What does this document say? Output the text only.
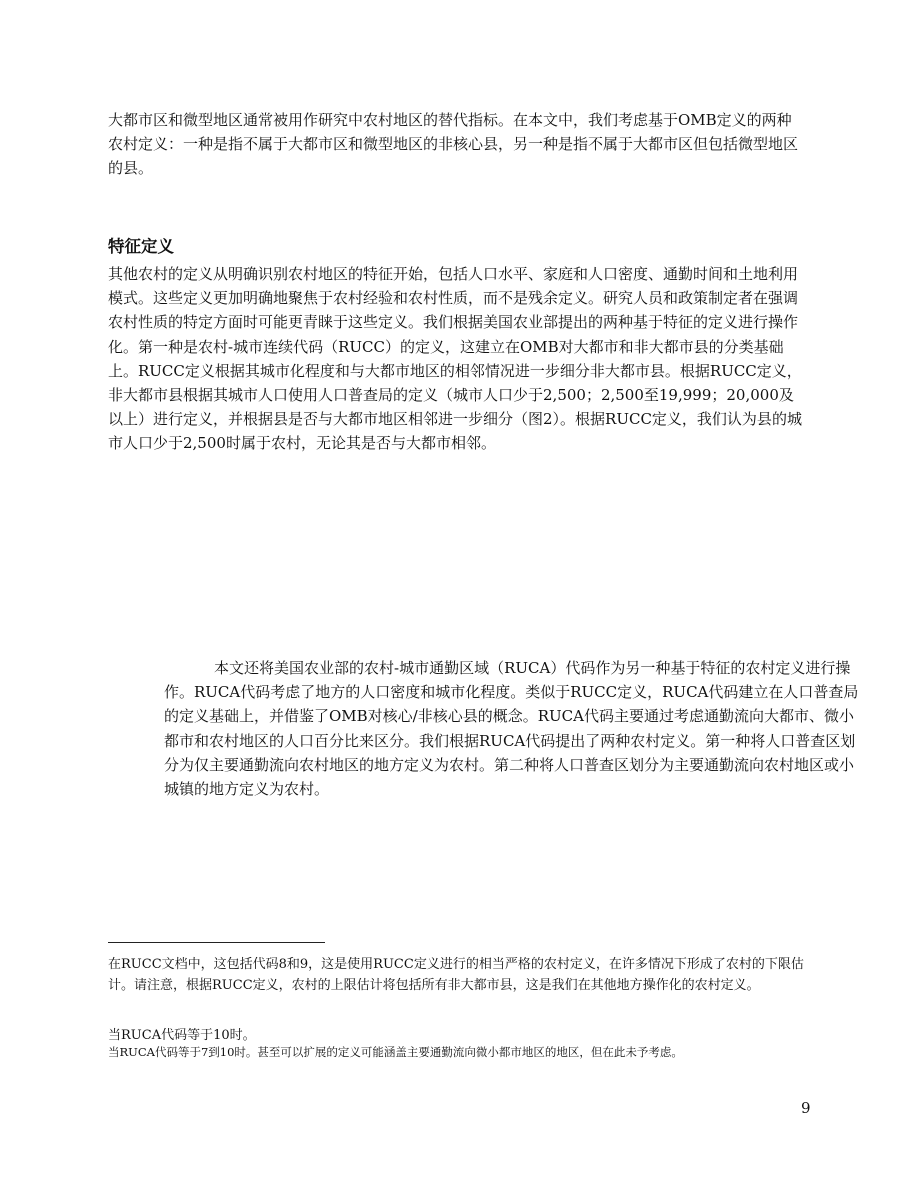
大都市区和微型地区通常被用作研究中农村地区的替代指标。在本文中，我们考虑基于OMB定义的两种农村定义：一种是指不属于大都市区和微型地区的非核心县，另一种是指不属于大都市区但包括微型地区的县。

特征定义

其他农村的定义从明确识别农村地区的特征开始，包括人口水平、家庭和人口密度、通勤时间和土地利用模式。这些定义更加明确地聚焦于农村经验和农村性质，而不是残余定义。研究人员和政策制定者在强调农村性质的特定方面时可能更青睐于这些定义。我们根据美国农业部提出的两种基于特征的定义进行操作化。第一种是农村-城市连续代码（RUCC）的定义，这建立在OMB对大都市和非大都市县的分类基础上。RUCC定义根据其城市化程度和与大都市地区的相邻情况进一步细分非大都市县。根据RUCC定义，非大都市县根据其城市人口使用人口普查局的定义（城市人口少于2,500；2,500至19,999；20,000及以上）进行定义，并根据县是否与大都市地区相邻进一步细分（图2）。根据RUCC定义，我们认为县的城市人口少于2,500时属于农村，无论其是否与大都市相邻。

本文还将美国农业部的农村-城市通勤区域（RUCA）代码作为另一种基于特征的农村定义进行操作。RUCA代码考虑了地方的人口密度和城市化程度。类似于RUCC定义，RUCA代码建立在人口普查局的定义基础上，并借鉴了OMB对核心/非核心县的概念。RUCA代码主要通过考虑通勤流向大都市、微小都市和农村地区的人口百分比来区分。我们根据RUCA代码提出了两种农村定义。第一种将人口普查区划分为仅主要通勤流向农村地区的地方定义为农村。第二种将人口普查区划分为主要通勤流向农村地区或小城镇的地方定义为农村。

在RUCC文档中，这包括代码8和9，这是使用RUCC定义进行的相当严格的农村定义，在许多情况下形成了农村的下限估计。请注意，根据RUCC定义，农村的上限估计将包括所有非大都市县，这是我们在其他地方操作化的农村定义。

当RUCA代码等于10时。

当RUCA代码等于7到10时。甚至可以扩展的定义可能涵盖主要通勤流向微小都市地区的地区，但在此未予考虑。

9
